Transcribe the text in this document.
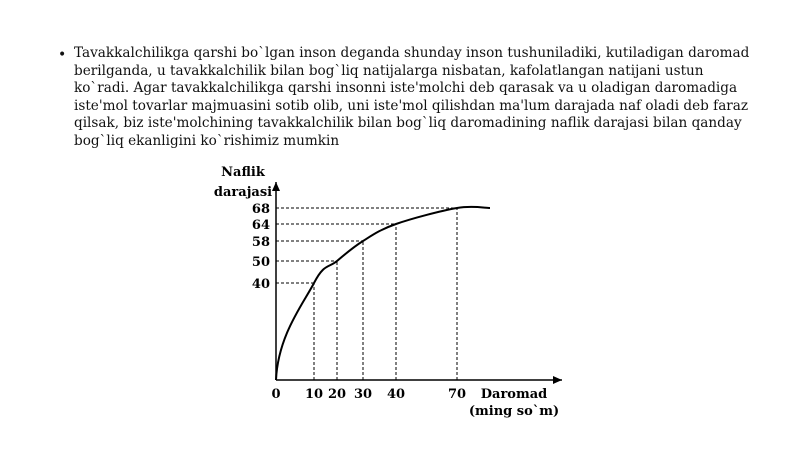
• Tavakkalchilikga qarshi bo`lgan inson deganda shunday inson tushuniladiki, kutiladigan daromad berilganda, u tavakkalchilik bilan bog`liq natijalarga nisbatan, kafolatlangan natijani ustun ko`radi. Agar tavakkalchilikga qarshi insonni iste'molchi deb qarasak va u oladigan daromadiga iste'mol tovarlar majmuasini sotib olib, uni iste'mol qilishdan ma'lum darajada naf oladi deb faraz qilsak, biz iste'molchining tavakkalchilik bilan bog`liq daromadining naflik darajasi bilan qanday bog`liq ekanligini ko`rishimiz mumkin
10 20 30 40	70
40
50
58
64
68
Naflik
darajasi
Daromad
(ming so`m)
0
